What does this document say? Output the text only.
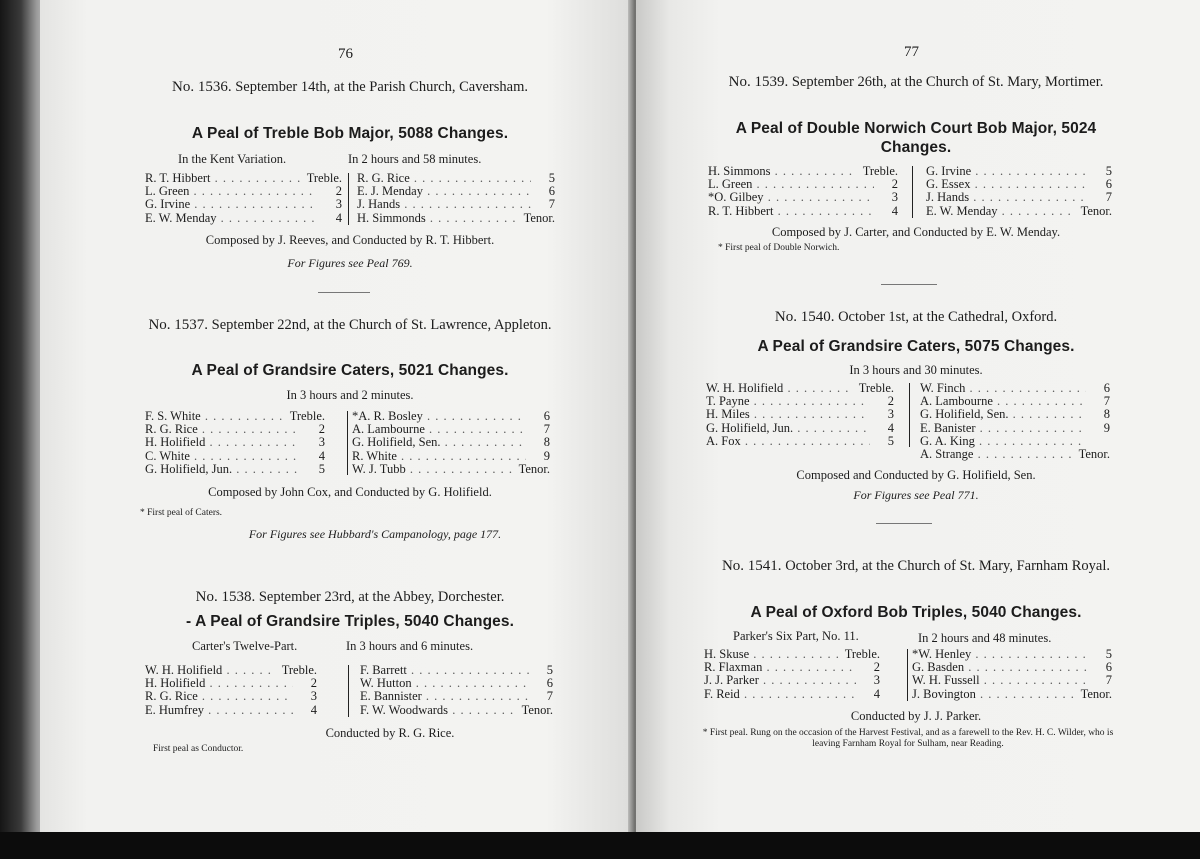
76
No. 1536. September 14th, at the Parish Church, Caversham.
A Peal of Treble Bob Major, 5088 Changes.
In the Kent Variation.	In 2 hours and 58 minutes.
R. T. Hibbert . . .	Treble.
L. Green . . .	2
G. Irvine . . .	3
E. W. Menday . . .	4
R. G. Rice . . .	5
E. J. Menday . . .	6
J. Hands . . .	7
H. Simmonds . . .	Tenor.
Composed by J. Reeves, and Conducted by R. T. Hibbert.
For Figures see Peal 769.
No. 1537. September 22nd, at the Church of St. Lawrence, Appleton.
A Peal of Grandsire Caters, 5021 Changes.
In 3 hours and 2 minutes.
F. S. White . . .	Treble.
R. G. Rice . . .	2
H. Holifield . . .	3
C. White . . .	4
G. Holifield, Jun. . . .	5
*A. R. Bosley . . .	6
A. Lambourne . . .	7
G. Holifield, Sen. . . .	8
R. White . . .	9
W. J. Tubb . . .	Tenor.
Composed by John Cox, and Conducted by G. Holifield.
* First peal of Caters.
For Figures see Hubbard's Campanology, page 177.
No. 1538. September 23rd, at the Abbey, Dorchester.
- A Peal of Grandsire Triples, 5040 Changes.
Carter's Twelve-Part.	In 3 hours and 6 minutes.
W. H. Holifield . . .	Treble.
H. Holifield . . .	2
R. G. Rice . . .	3
E. Humfrey . . .	4
F. Barrett . . .	5
W. Hutton . . .	6
E. Bannister . . .	7
F. W. Woodwards . . .	Tenor.
Conducted by R. G. Rice.
First peal as Conductor.
77
No. 1539. September 26th, at the Church of St. Mary, Mortimer.
A Peal of Double Norwich Court Bob Major, 5024 Changes.
H. Simmons . . .	Treble.
L. Green . . .	2
*O. Gilbey . . .	3
R. T. Hibbert . . .	4
G. Irvine . . .	5
G. Essex . . .	6
J. Hands . . .	7
E. W. Menday . . .	Tenor.
Composed by J. Carter, and Conducted by E. W. Menday.
* First peal of Double Norwich.
No. 1540. October 1st, at the Cathedral, Oxford.
A Peal of Grandsire Caters, 5075 Changes.
In 3 hours and 30 minutes.
W. H. Holifield . . .	Treble.
T. Payne . . .	2
H. Miles . . .	3
G. Holifield, Jun. . . .	4
A. Fox . . .	5
W. Finch . . .	6
A. Lambourne . . .	7
G. Holifield, Sen. . . .	8
E. Banister . . .	9
G. A. King . . .
A. Strange . . .	Tenor.
Composed and Conducted by G. Holifield, Sen.
For Figures see Peal 771.
No. 1541. October 3rd, at the Church of St. Mary, Farnham Royal.
A Peal of Oxford Bob Triples, 5040 Changes.
Parker's Six Part, No. 11.	In 2 hours and 48 minutes.
H. Skuse . . .	Treble.
R. Flaxman . . .	2
J. J. Parker . . .	3
F. Reid . . .	4
*W. Henley . . .	5
G. Basden . . .	6
W. H. Fussell . . .	7
J. Bovington . . .	Tenor.
Conducted by J. J. Parker.
* First peal. Rung on the occasion of the Harvest Festival, and as a farewell to the Rev. H. C. Wilder, who is leaving Farnham Royal for Sulham, near Reading.
